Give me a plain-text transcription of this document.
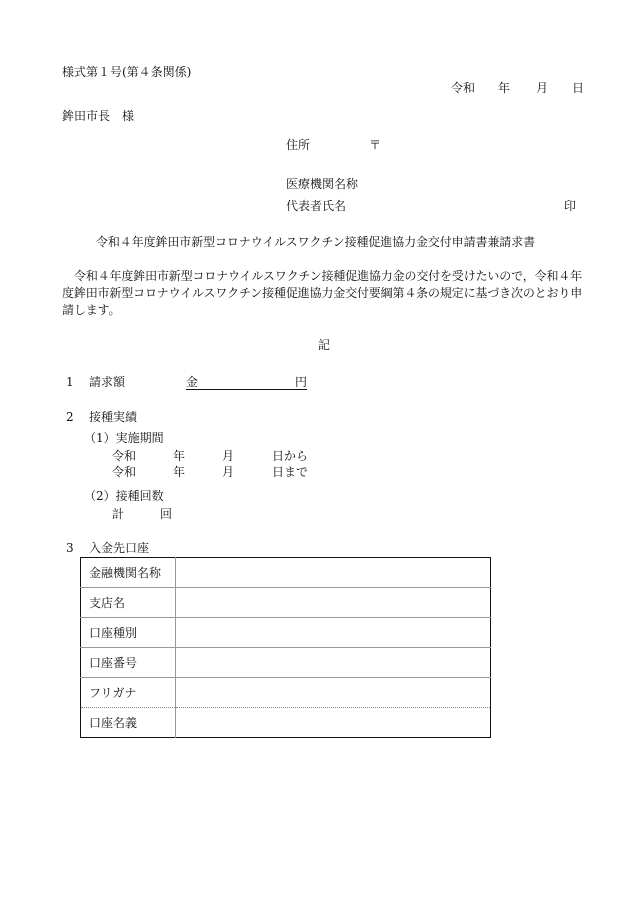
様式第１号(第４条関係)
令和 年 月 日
鉾田市長　様
住所	〒
医療機関名称
代表者氏名	印
令和４年度鉾田市新型コロナウイルスワクチン接種促進協力金交付申請書兼請求書
令和４年度鉾田市新型コロナウイルスワクチン接種促進協力金の交付を受けたいので，令和４年度鉾田市新型コロナウイルスワクチン接種促進協力金交付要綱第４条の規定に基づき次のとおり申請します。
記
1 請求額	金	円
2 接種実績
（1）実施期間
令和	年	月	日から
令和	年	月	日まで
（2）接種回数
計	回
3 入金先口座
金融機関名称	
支店名	
口座種別	
口座番号	
フリガナ	
口座名義	
